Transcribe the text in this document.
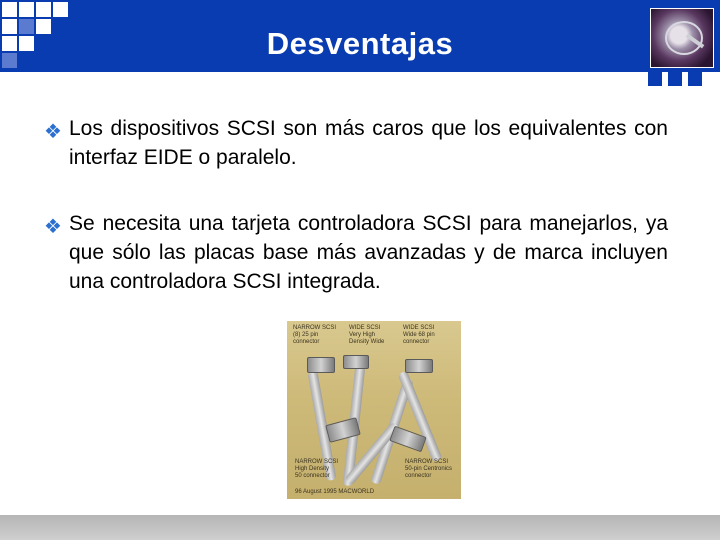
Desventajas
❖ Los dispositivos SCSI son más caros que los equivalentes con interfaz EIDE o paralelo.
❖ Se necesita una tarjeta controladora SCSI para manejarlos, ya que sólo las placas base más avanzadas y de marca incluyen una controladora SCSI integrada.
NARROW SCSI
(8) 25 pin
connector
WIDE SCSI
Very High
Density Wide
WIDE SCSI
Wide 68 pin
connector
NARROW SCSI
High Density
50 connector
NARROW SCSI
50-pin Centronics
connector
96 August 1995 MACWORLD
